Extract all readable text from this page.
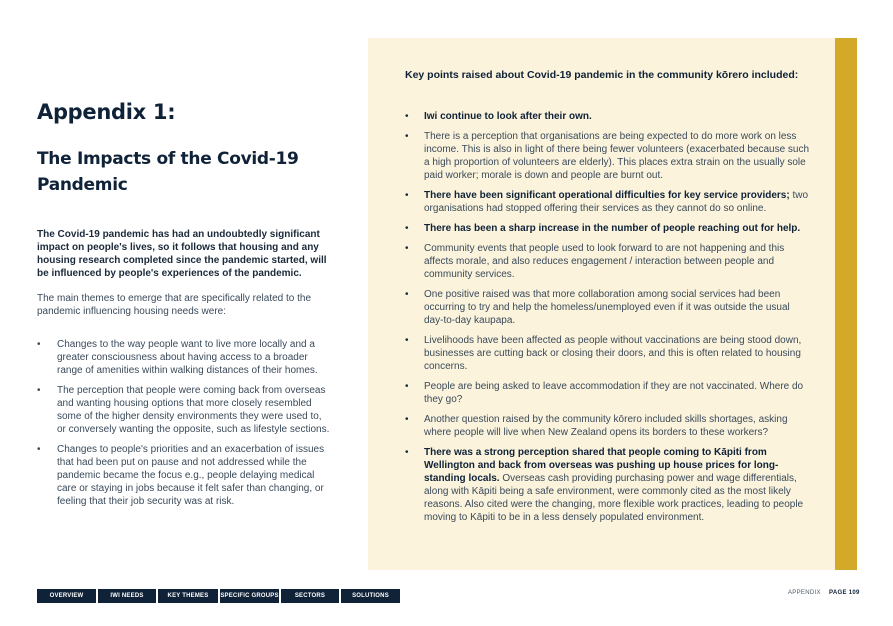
Appendix 1:
The Impacts of the Covid-19
Pandemic

The Covid-19 pandemic has had an undoubtedly significant impact on people's lives, so it follows that housing and any housing research completed since the pandemic started, will be influenced by people's experiences of the pandemic.

The main themes to emerge that are specifically related to the pandemic influencing housing needs were:

• Changes to the way people want to live more locally and a greater consciousness about having access to a broader range of amenities within walking distances of their homes.
• The perception that people were coming back from overseas and wanting housing options that more closely resembled some of the higher density environments they were used to, or conversely wanting the opposite, such as lifestyle sections.
• Changes to people's priorities and an exacerbation of issues that had been put on pause and not addressed while the pandemic became the focus e.g., people delaying medical care or staying in jobs because it felt safer than changing, or feeling that their job security was at risk.
Key points raised about Covid-19 pandemic in the community kōrero included:
• Iwi continue to look after their own.
• There is a perception that organisations are being expected to do more work on less income. This is also in light of there being fewer volunteers (exacerbated because such a high proportion of volunteers are elderly). This places extra strain on the usually sole paid worker; morale is down and people are burnt out.
• There have been significant operational difficulties for key service providers; two organisations had stopped offering their services as they cannot do so online.
• There has been a sharp increase in the number of people reaching out for help.
• Community events that people used to look forward to are not happening and this affects morale, and also reduces engagement / interaction between people and community services.
• One positive raised was that more collaboration among social services had been occurring to try and help the homeless/unemployed even if it was outside the usual day-to-day kaupapa.
• Livelihoods have been affected as people without vaccinations are being stood down, businesses are cutting back or closing their doors, and this is often related to housing concerns.
• People are being asked to leave accommodation if they are not vaccinated. Where do they go?
• Another question raised by the community kōrero included skills shortages, asking where people will live when New Zealand opens its borders to these workers?
• There was a strong perception shared that people coming to Kāpiti from Wellington and back from overseas was pushing up house prices for long-standing locals. Overseas cash providing purchasing power and wage differentials, along with Kāpiti being a safe environment, were commonly cited as the most likely reasons. Also cited were the changing, more flexible work practices, leading to people moving to Kāpiti to be in a less densely populated environment.
OVERVIEW	IWI NEEDS	KEY THEMES	SPECIFIC GROUPS	SECTORS	SOLUTIONS	APPENDIX PAGE 109
